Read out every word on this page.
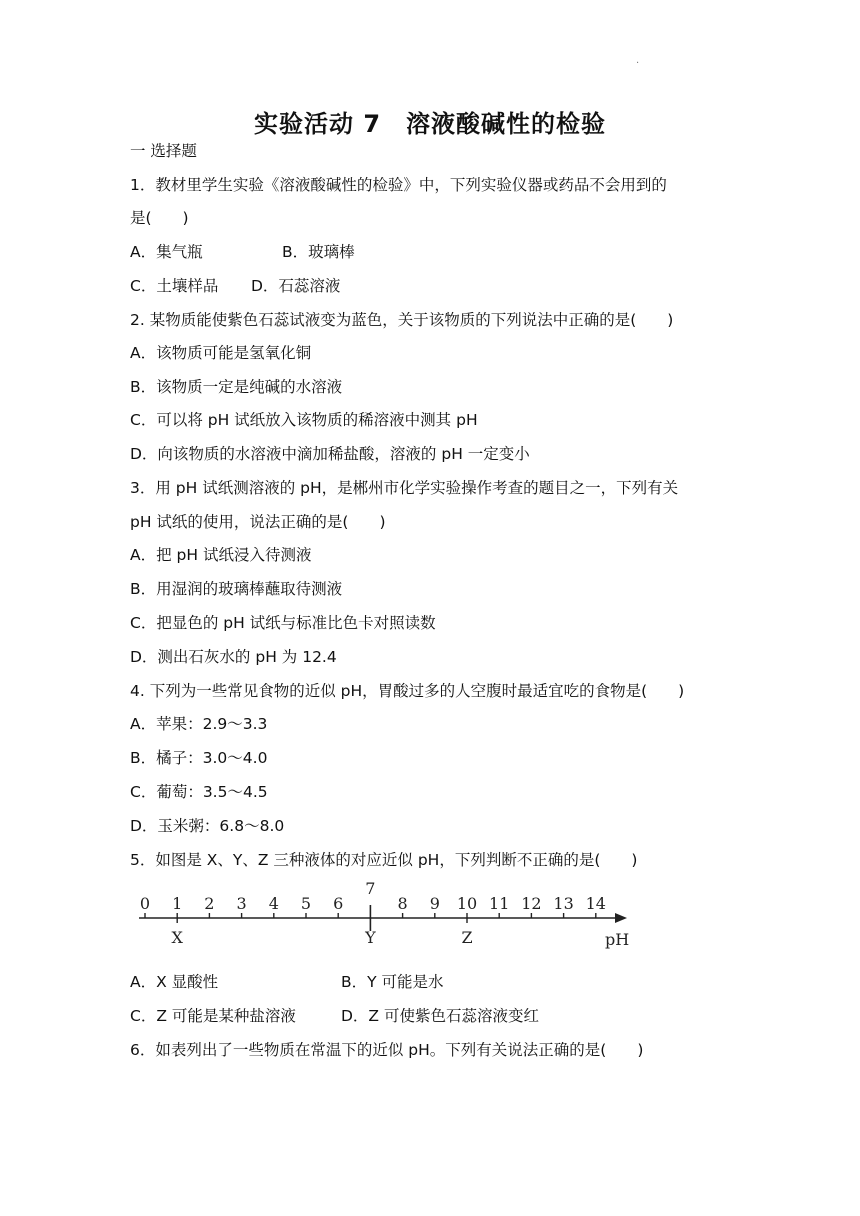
·
实验活动 7　溶液酸碱性的检验
一 选择题
1．教材里学生实验《溶液酸碱性的检验》中，下列实验仪器或药品不会用到的
是(　　)
A．集气瓶	B．玻璃棒
C．土壤样品 D．石蕊溶液
2. 某物质能使紫色石蕊试液变为蓝色，关于该物质的下列说法中正确的是(　　)
A．该物质可能是氢氧化铜
B．该物质一定是纯碱的水溶液
C．可以将 pH 试纸放入该物质的稀溶液中测其 pH
D．向该物质的水溶液中滴加稀盐酸，溶液的 pH 一定变小
3．用 pH 试纸测溶液的 pH，是郴州市化学实验操作考查的题目之一，下列有关
pH 试纸的使用，说法正确的是(　　)
A．把 pH 试纸浸入待测液
B．用湿润的玻璃棒蘸取待测液
C．把显色的 pH 试纸与标准比色卡对照读数
D．测出石灰水的 pH 为 12.4
4. 下列为一些常见食物的近似 pH，胃酸过多的人空腹时最适宜吃的食物是(　　)
A．苹果：2.9～3.3
B．橘子：3.0～4.0
C．葡萄：3.5～4.5
D．玉米粥：6.8～8.0
5．如图是 X、Y、Z 三种液体的对应近似 pH，下列判断不正确的是(　　)
0 1 2 3 4 5 6
7
8 9 10 11 12 13 14
X	Y	Z	pH
A．X 显酸性	B．Y 可能是水
C．Z 可能是某种盐溶液	D．Z 可使紫色石蕊溶液变红
6．如表列出了一些物质在常温下的近似 pH。下列有关说法正确的是(　　)
